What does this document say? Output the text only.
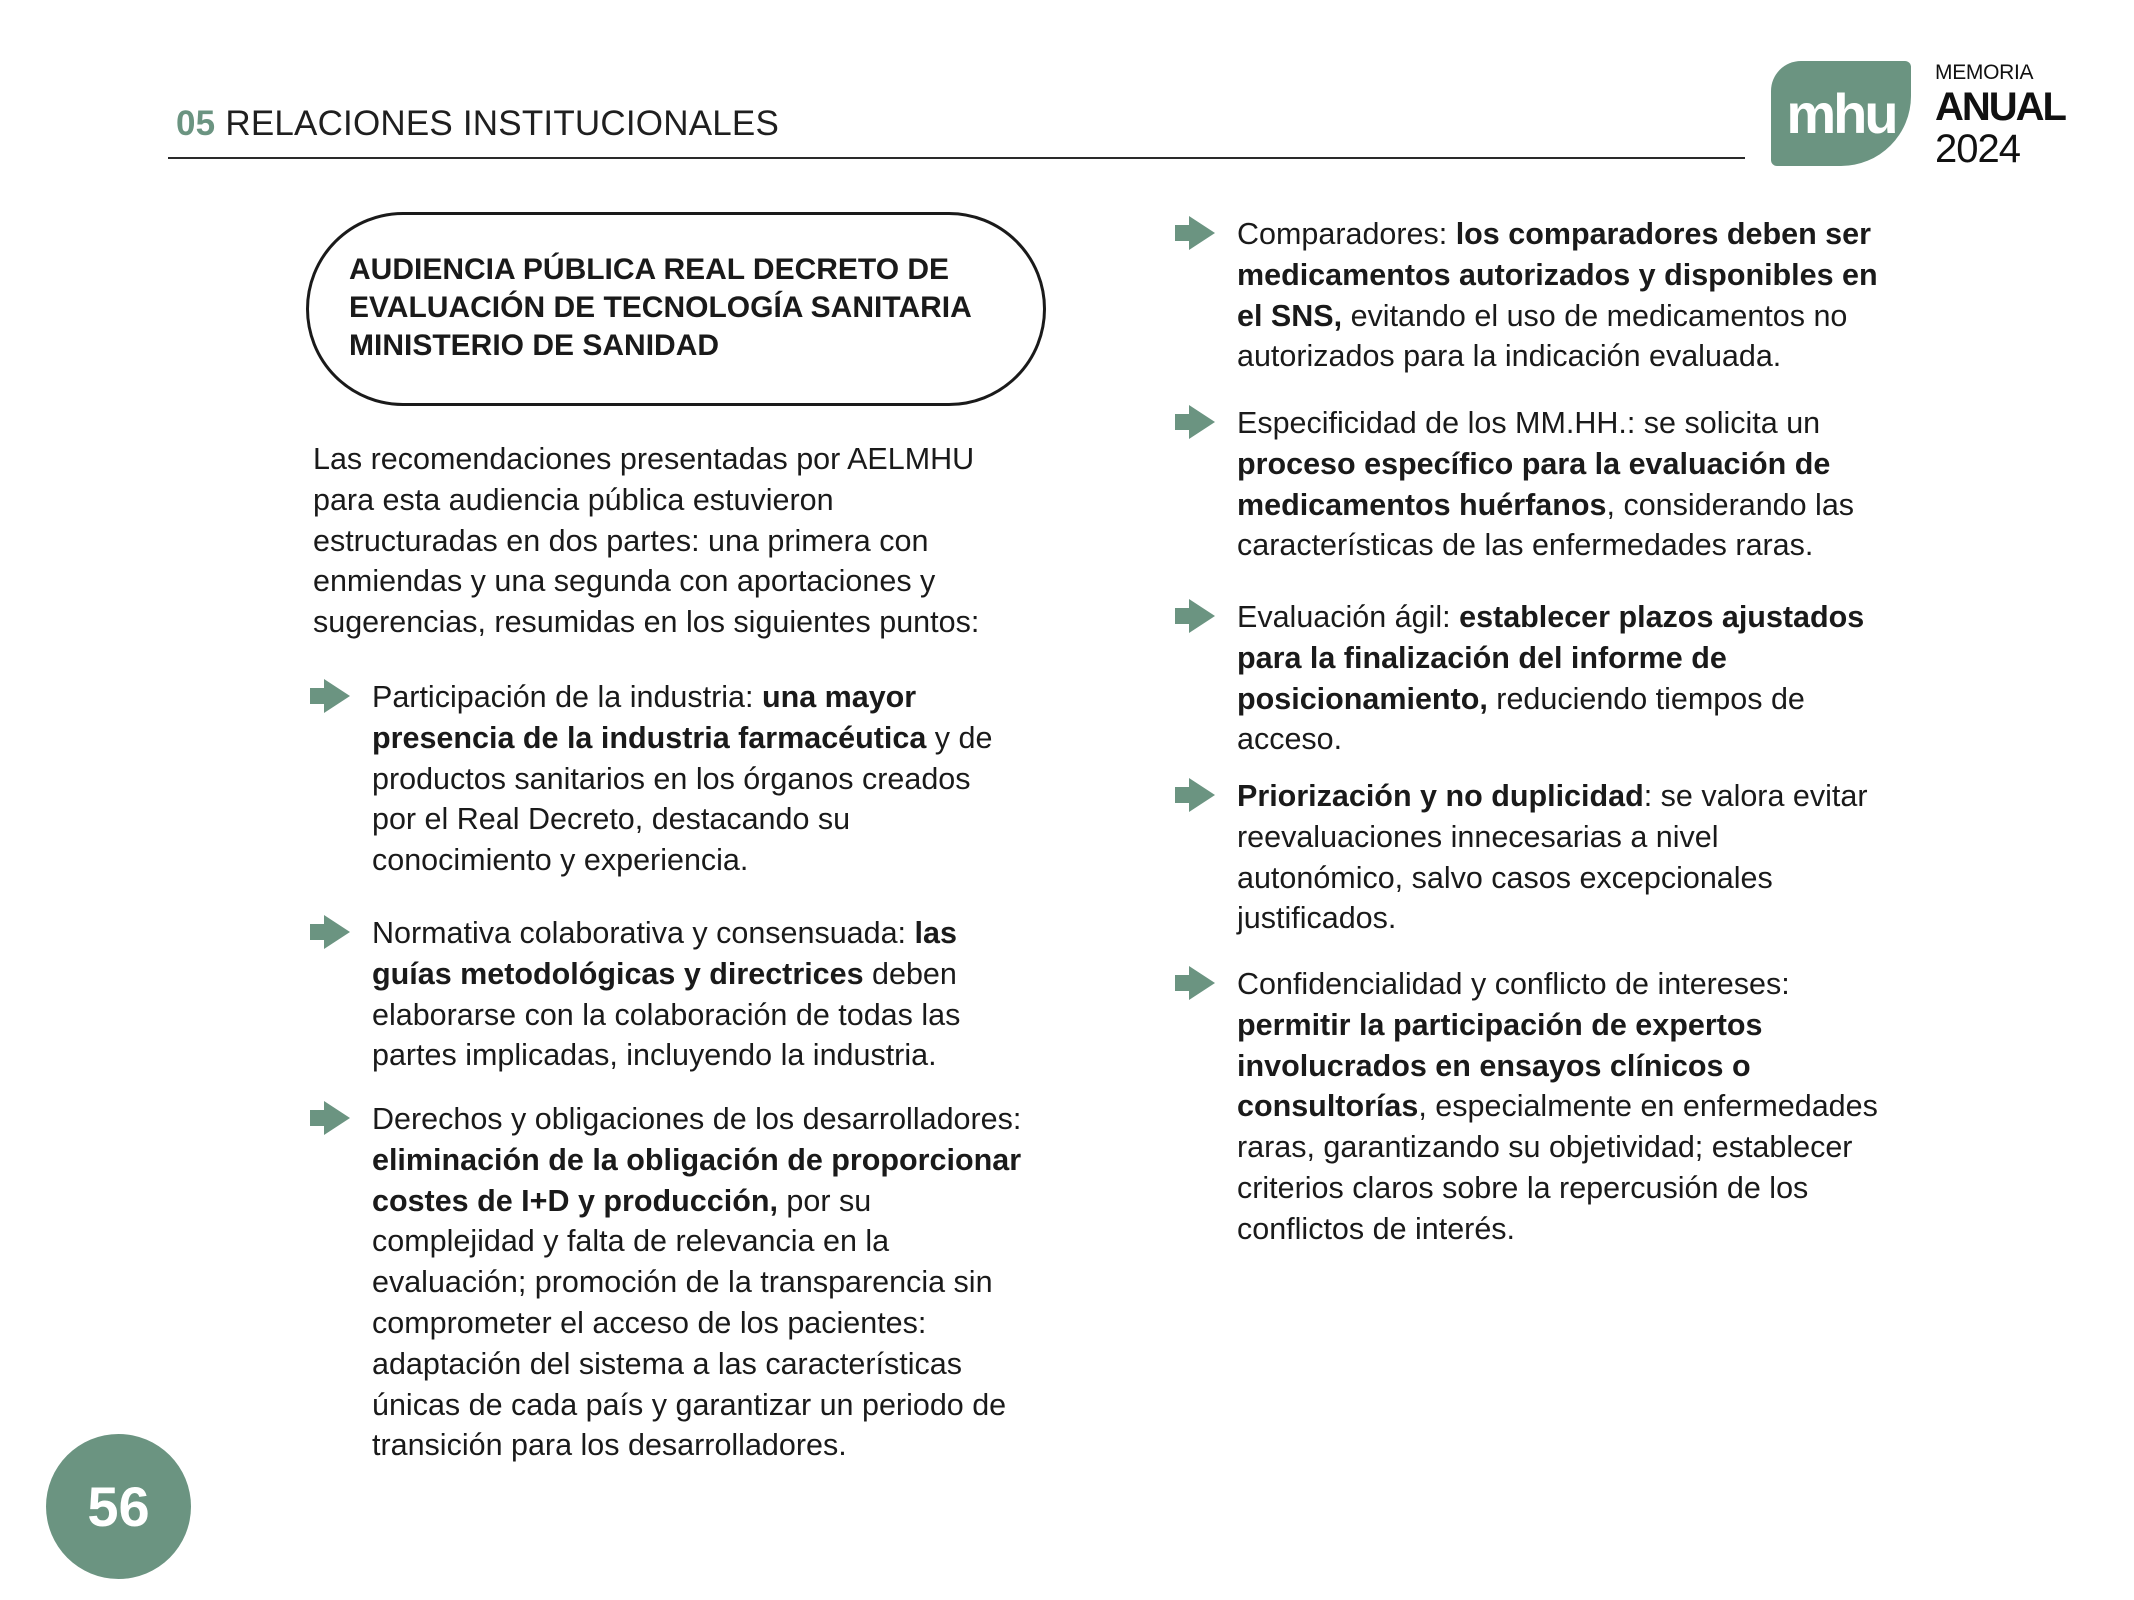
05 RELACIONES INSTITUCIONALES	mhu
MEMORIA
ANUAL
2024
AUDIENCIA PÚBLICA REAL DECRETO DE
EVALUACIÓN DE TECNOLOGÍA SANITARIA
MINISTERIO DE SANIDAD
Las recomendaciones presentadas por AELMHU
para esta audiencia pública estuvieron
estructuradas en dos partes: una primera con
enmiendas y una segunda con aportaciones y
sugerencias, resumidas en los siguientes puntos:
Participación de la industria: una mayor
presencia de la industria farmacéutica y de
productos sanitarios en los órganos creados
por el Real Decreto, destacando su
conocimiento y experiencia.
Normativa colaborativa y consensuada: las
guías metodológicas y directrices deben
elaborarse con la colaboración de todas las
partes implicadas, incluyendo la industria.
Derechos y obligaciones de los desarrolladores:
eliminación de la obligación de proporcionar
costes de I+D y producción, por su
complejidad y falta de relevancia en la
evaluación; promoción de la transparencia sin
comprometer el acceso de los pacientes:
adaptación del sistema a las características
únicas de cada país y garantizar un periodo de
transición para los desarrolladores.
Comparadores: los comparadores deben ser
medicamentos autorizados y disponibles en
el SNS, evitando el uso de medicamentos no
autorizados para la indicación evaluada.
Especificidad de los MM.HH.: se solicita un
proceso específico para la evaluación de
medicamentos huérfanos, considerando las
características de las enfermedades raras.
Evaluación ágil: establecer plazos ajustados
para la finalización del informe de
posicionamiento, reduciendo tiempos de
acceso.
Priorización y no duplicidad: se valora evitar
reevaluaciones innecesarias a nivel
autonómico, salvo casos excepcionales
justificados.
Confidencialidad y conflicto de intereses:
permitir la participación de expertos
involucrados en ensayos clínicos o
consultorías, especialmente en enfermedades
raras, garantizando su objetividad; establecer
criterios claros sobre la repercusión de los
conflictos de interés.
56
